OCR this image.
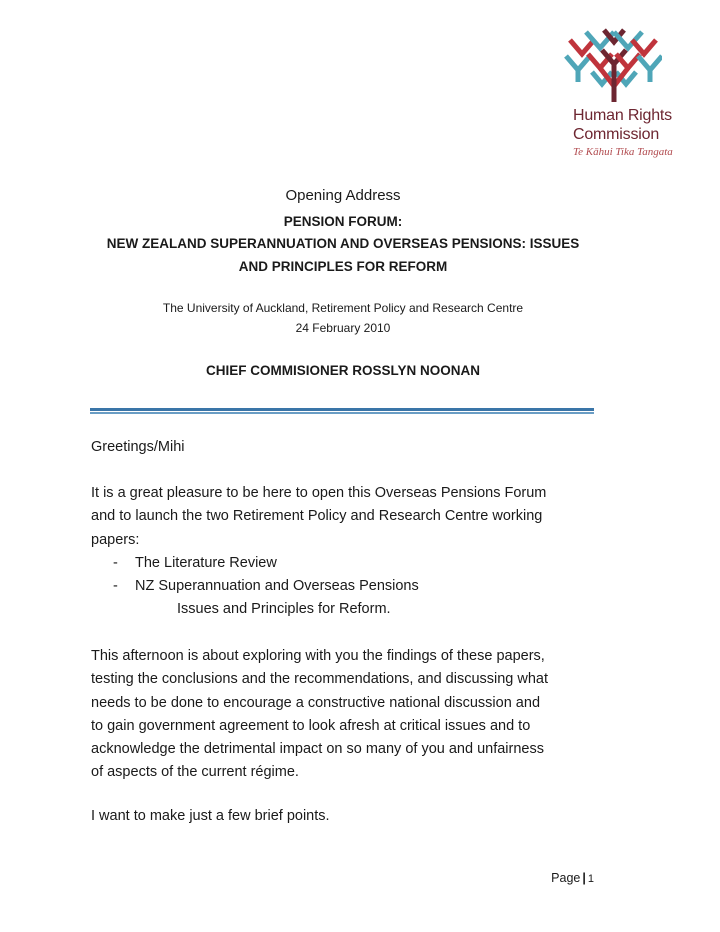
Human Rights
Commission
Te Kāhui Tika Tangata
Opening Address
PENSION FORUM:
NEW ZEALAND SUPERANNUATION AND OVERSEAS PENSIONS: ISSUES
AND PRINCIPLES FOR REFORM
The University of Auckland, Retirement Policy and Research Centre
24 February 2010
CHIEF COMMISIONER ROSSLYN NOONAN
Greetings/Mihi
It is a great pleasure to be here to open this Overseas Pensions Forum
and to launch the two Retirement Policy and Research Centre working
papers:
- The Literature Review
- NZ Superannuation and Overseas Pensions
Issues and Principles for Reform.
This afternoon is about exploring with you the findings of these papers,
testing the conclusions and the recommendations, and discussing what
needs to be done to encourage a constructive national discussion and
to gain government agreement to look afresh at critical issues and to
acknowledge the detrimental impact on so many of you and unfairness
of aspects of the current régime.
I want to make just a few brief points.
Page | 1
